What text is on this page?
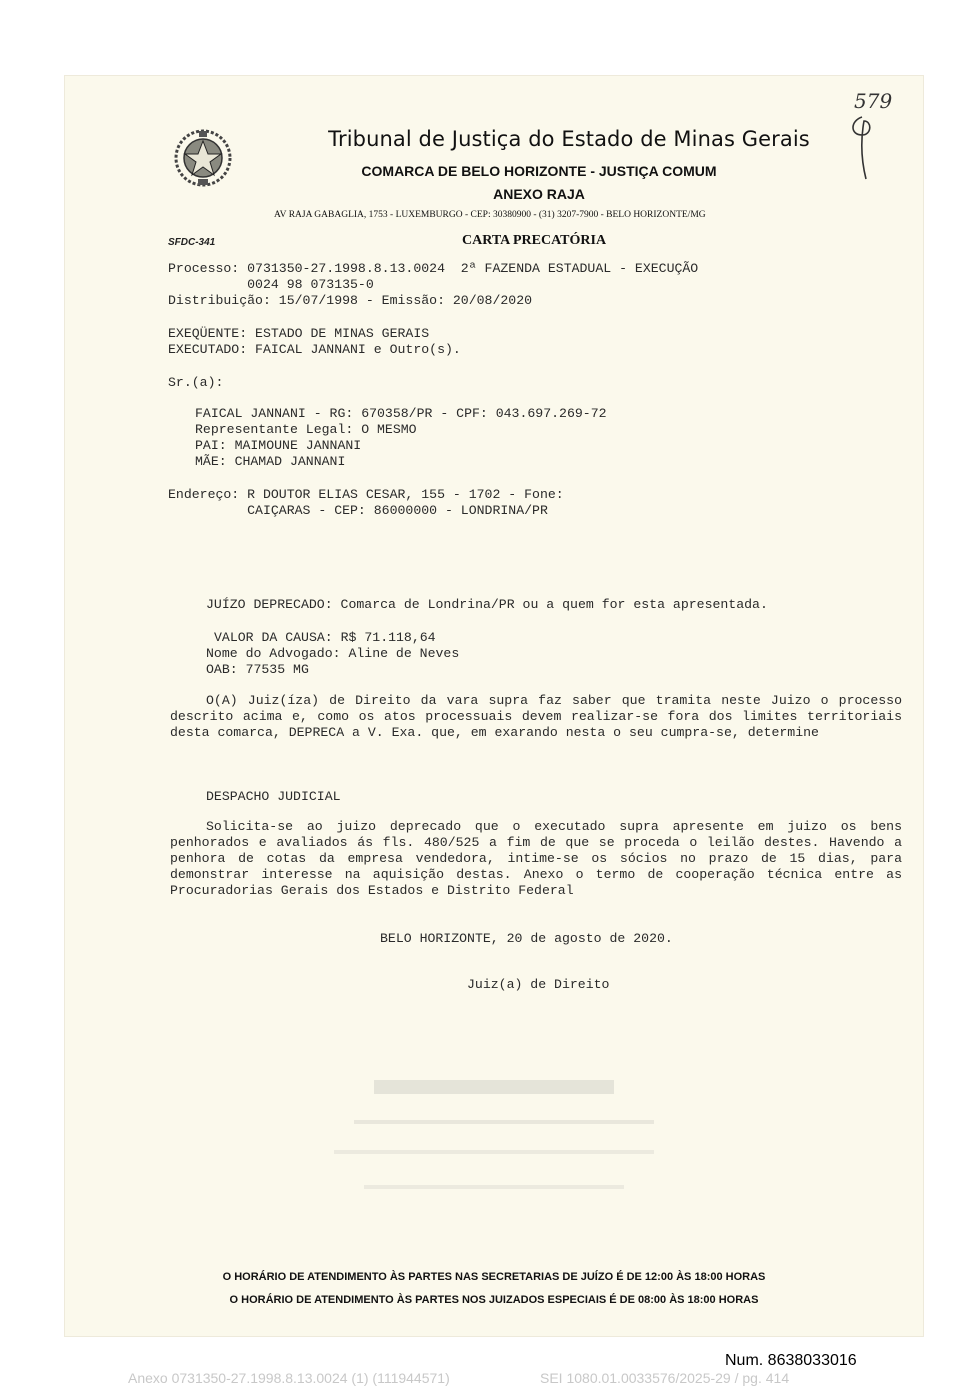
Tribunal de Justiça do Estado de Minas Gerais
COMARCA DE BELO HORIZONTE - JUSTIÇA COMUM
ANEXO RAJA
AV RAJA GABAGLIA, 1753 - LUXEMBURGO - CEP: 30380900 - (31) 3207-7900 - BELO HORIZONTE/MG
579
SFDC-341	CARTA PRECATÓRIA
Processo: 0731350-27.1998.8.13.0024  2ª FAZENDA ESTADUAL - EXECUÇÃO
0024 98 073135-0
Distribuição: 15/07/1998 - Emissão: 20/08/2020
EXEQÜENTE: ESTADO DE MINAS GERAIS
EXECUTADO: FAICAL JANNANI e Outro(s).
Sr.(a):
FAICAL JANNANI - RG: 670358/PR - CPF: 043.697.269-72
Representante Legal: O MESMO
PAI: MAIMOUNE JANNANI
MÃE: CHAMAD JANNANI
Endereço: R DOUTOR ELIAS CESAR, 155 - 1702 - Fone:
CAIÇARAS - CEP: 86000000 - LONDRINA/PR
JUÍZO DEPRECADO: Comarca de Londrina/PR ou a quem for esta apresentada.
VALOR DA CAUSA: R$ 71.118,64
Nome do Advogado: Aline de Neves
OAB: 77535 MG
O(A) Juiz(íza) de Direito da vara supra faz saber que tramita neste Juizo o processo descrito acima e, como os atos processuais devem realizar-se fora dos limites territoriais desta comarca, DEPRECA a V. Exa. que, em exarando nesta o seu cumpra-se, determine
DESPACHO JUDICIAL
Solicita-se ao juizo deprecado que o executado supra apresente em juizo os bens penhorados e avaliados ás fls. 480/525 a fim de que se proceda o leilão destes. Havendo a penhora de cotas da empresa vendedora, intime-se os sócios no prazo de 15 dias, para demonstrar interesse na aquisição destas. Anexo o termo de cooperação técnica entre as Procuradorias Gerais dos Estados e Distrito Federal
BELO HORIZONTE, 20 de agosto de 2020.
Juiz(a) de Direito
O HORÁRIO DE ATENDIMENTO ÀS PARTES NAS SECRETARIAS DE JUÍZO É DE 12:00 ÀS 18:00 HORAS
O HORÁRIO DE ATENDIMENTO ÀS PARTES NOS JUIZADOS ESPECIAIS É DE 08:00 ÀS 18:00 HORAS
Num. 8638033016
Anexo 0731350-27.1998.8.13.0024 (1) (111944571)	SEI 1080.01.0033576/2025-29 / pg. 414
